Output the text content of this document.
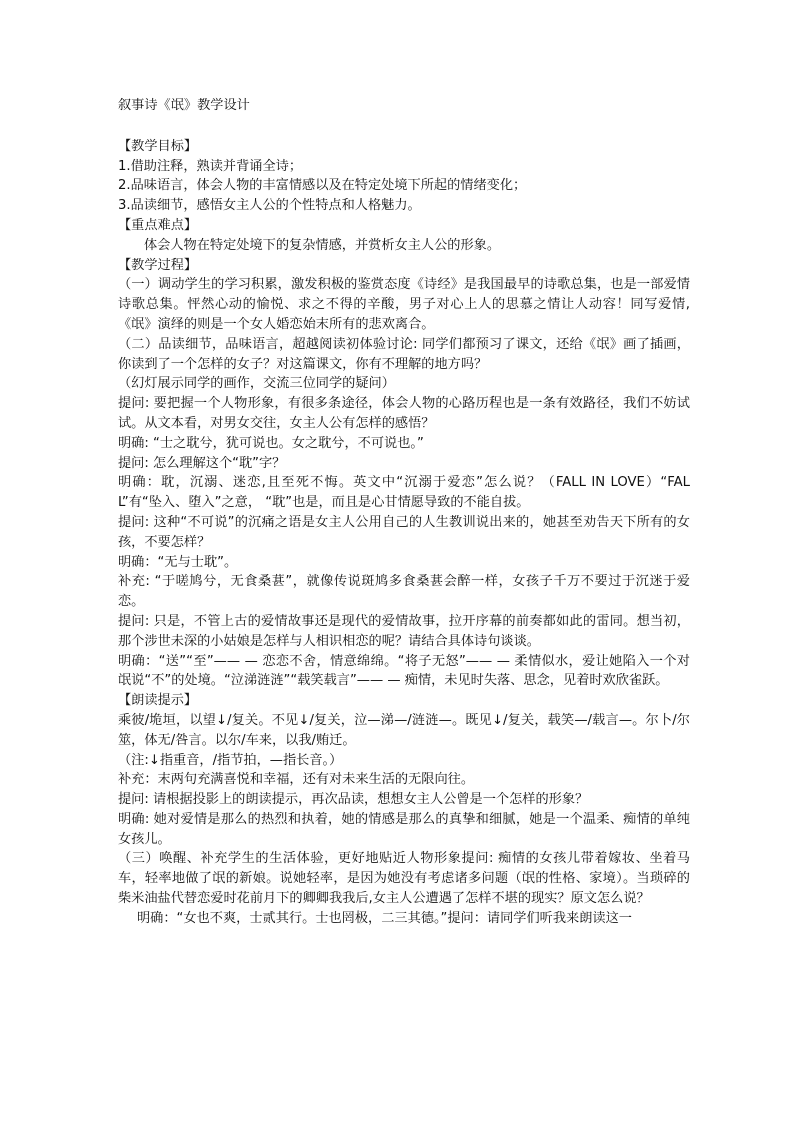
叙事诗《氓》教学设计

【教学目标】

1.借助注释，熟读并背诵全诗；

2.品味语言，体会人物的丰富情感以及在特定处境下所起的情绪变化；

3.品读细节，感悟女主人公的个性特点和人格魅力。

【重点难点】

体会人物在特定处境下的复杂情感，并赏析女主人公的形象。

【教学过程】

（一）调动学生的学习积累，激发积极的鉴赏态度《诗经》是我国最早的诗歌总集，也是一部爱情诗歌总集。怦然心动的愉悦、求之不得的辛酸，男子对心上人的思慕之情让人动容！同写爱情,《氓》演绎的则是一个女人婚恋始末所有的悲欢离合。

（二）品读细节，品味语言，超越阅读初体验讨论: 同学们都预习了课文，还给《氓》画了插画，你读到了一个怎样的女子？对这篇课文，你有不理解的地方吗？

（幻灯展示同学的画作，交流三位同学的疑问）

提问: 要把握一个人物形象，有很多条途径，体会人物的心路历程也是一条有效路径，我们不妨试试。从文本看，对男女交往，女主人公有怎样的感悟？

明确: “士之耽兮，犹可说也。女之耽兮，不可说也。”

提问: 怎么理解这个“耽”字？

明确：耽，沉溺、迷恋,且至死不悔。英文中“沉溺于爱恋”怎么说？（FALL IN LOVE）“FALL”有“坠入、堕入”之意， “耽”也是，而且是心甘情愿导致的不能自拔。

提问: 这种“不可说”的沉痛之语是女主人公用自己的人生教训说出来的，她甚至劝告天下所有的女孩，不要怎样？

明确：“无与士耽”。

补充: “于嗟鸠兮，无食桑葚”，就像传说斑鸠多食桑葚会醉一样，女孩子千万不要过于沉迷于爱恋。

提问: 只是，不管上古的爱情故事还是现代的爱情故事，拉开序幕的前奏都如此的雷同。想当初，那个涉世未深的小姑娘是怎样与人相识相恋的呢？请结合具体诗句谈谈。

明确：“送”“至”—— — 恋恋不舍，情意绵绵。“将子无怒”—— — 柔情似水，爱让她陷入一个对氓说“不”的处境。“泣涕涟涟”“载笑载言”—— — 痴情，未见时失落、思念，见着时欢欣雀跃。

【朗读提示】

乘彼/垝垣，以望↓/复关。不见↓/复关，泣—涕—/涟涟—。既见↓/复关，载笑—/载言—。尔卜/尔筮，体无/咎言。以尔/车来，以我/贿迁。

（注:↓指重音，/指节拍，—指长音。）

补充：末两句充满喜悦和幸福，还有对未来生活的无限向往。

提问: 请根据投影上的朗读提示，再次品读，想想女主人公曾是一个怎样的形象？

明确: 她对爱情是那么的热烈和执着，她的情感是那么的真挚和细腻，她是一个温柔、痴情的单纯女孩儿。

（三）唤醒、补充学生的生活体验，更好地贴近人物形象提问: 痴情的女孩儿带着嫁妆、坐着马车，轻率地做了氓的新娘。说她轻率，是因为她没有考虑诸多问题（氓的性格、家境）。当琐碎的柴米油盐代替恋爱时花前月下的卿卿我我后,女主人公遭遇了怎样不堪的现实？原文怎么说？

明确：“女也不爽，士贰其行。士也罔极，二三其德。”提问：请同学们听我来朗读这一
